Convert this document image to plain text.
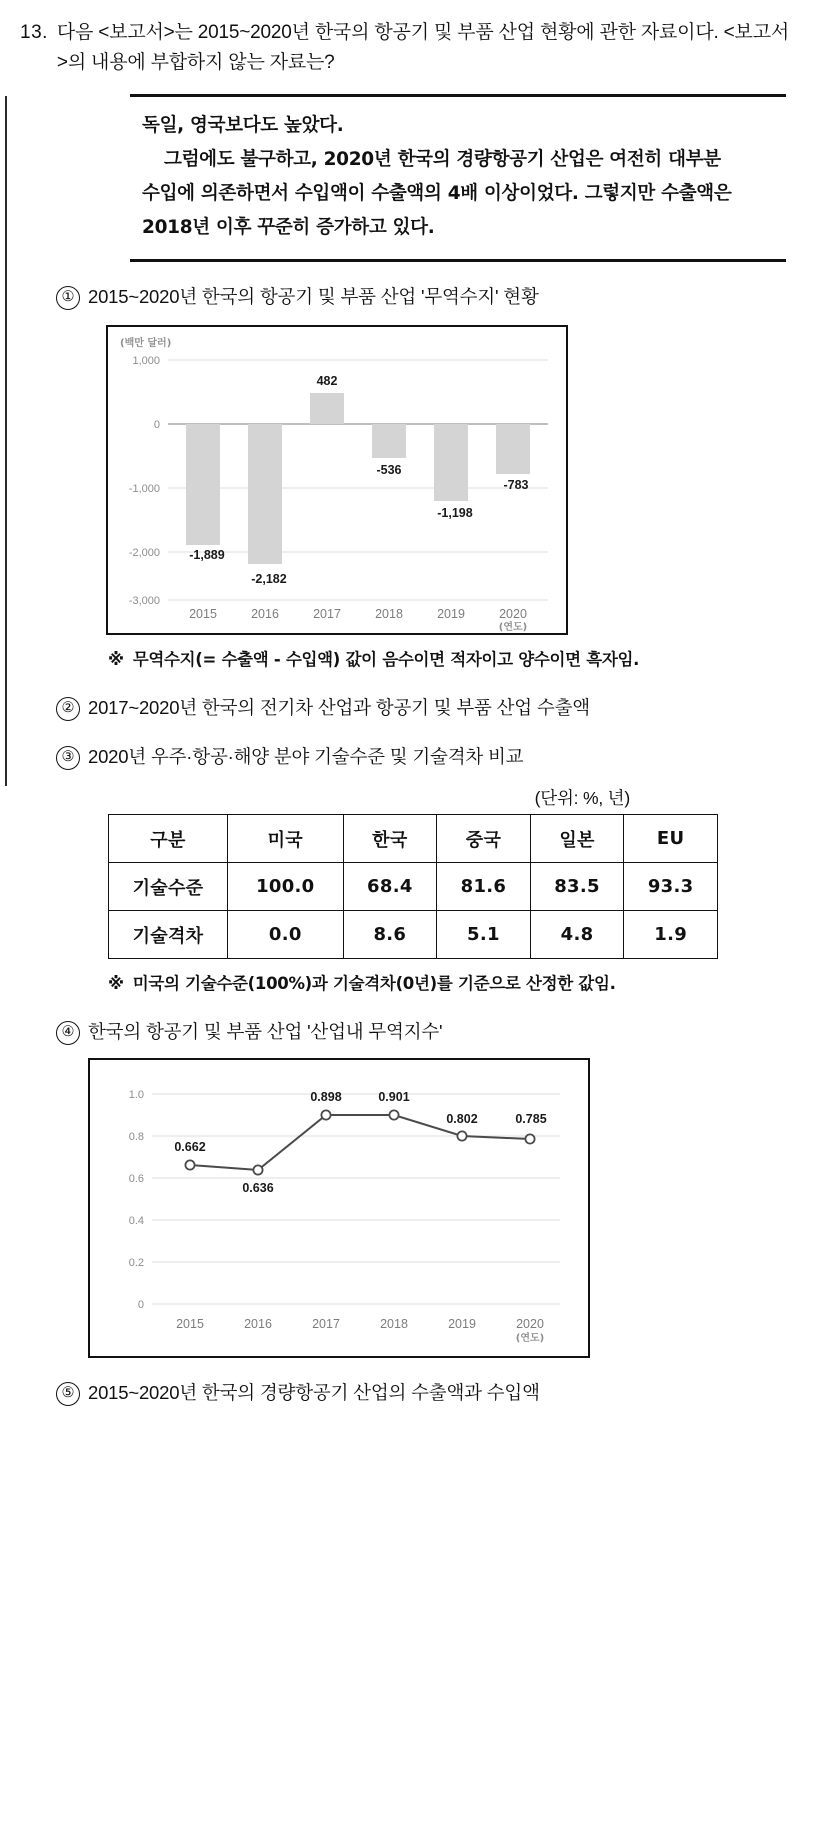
13. 다음 <보고서>는 2015~2020년 한국의 항공기 및 부품 산업 현황에 관한 자료이다. <보고서>의 내용에 부합하지 않는 자료는?

독일, 영국보다도 높았다.

그럼에도 불구하고, 2020년 한국의 경량항공기 산업은 여전히 대부분 수입에 의존하면서 수입액이 수출액의 4배 이상이었다. 그렇지만 수출액은 2018년 이후 꾸준히 증가하고 있다.

① 2015~2020년 한국의 항공기 및 부품 산업 '무역수지' 현황
(백만 달러)
1,000
0
-1,000
-2,000
-3,000
-1,889
-2,182
482
-536
-1,198
-783
2015	2016	2017	2018	2019	2020
(연도)
※ 무역수지(= 수출액 - 수입액) 값이 음수이면 적자이고 양수이면 흑자임.
② 2017~2020년 한국의 전기차 산업과 항공기 및 부품 산업 수출액
③ 2020년 우주·항공·해양 분야 기술수준 및 기술격차 비교
(단위: %, 년)
구분	미국	한국	중국	일본	EU
기술수준	100.0	68.4	81.6	83.5	93.3
기술격차	0.0	8.6	5.1	4.8	1.9
※ 미국의 기술수준(100%)과 기술격차(0년)를 기준으로 산정한 값임.
④ 한국의 항공기 및 부품 산업 '산업내 무역지수'
1.0
0.8
0.6
0.4
0.2
0
0.662
0.636
0.898	0.901
0.802	0.785
2015	2016	2017	2018	2019	2020
(연도)
⑤ 2015~2020년 한국의 경량항공기 산업의 수출액과 수입액
